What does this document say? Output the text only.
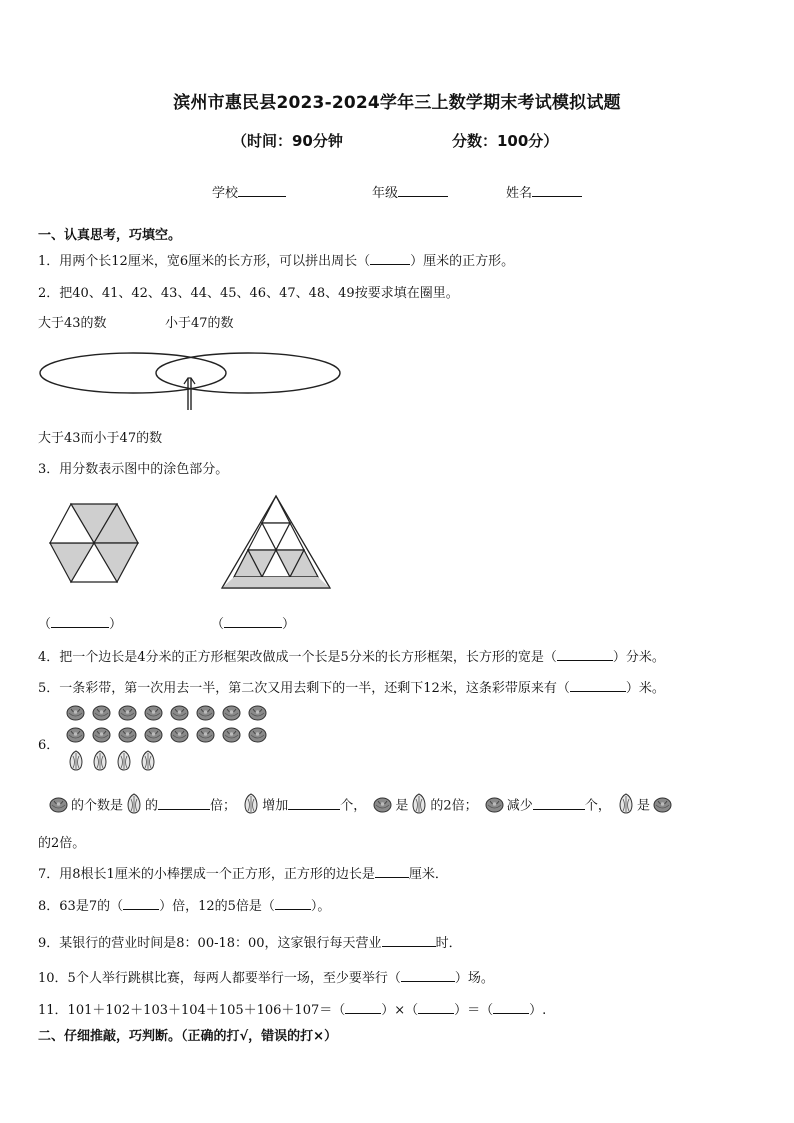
滨州市惠民县2023-2024学年三上数学期末考试模拟试题
（时间：90分钟	分数：100分）
学校	年级	姓名
一、认真思考，巧填空。
1．用两个长12厘米，宽6厘米的长方形，可以拼出周长（	）厘米的正方形。
2．把40、41、42、43、44、45、46、47、48、49按要求填在圈里。
大于43的数	小于47的数
大于43而小于47的数
3．用分数表示图中的涂色部分。
（	）	（	）
4．把一个边长是4分米的正方形框架改做成一个长是5分米的长方形框架，长方形的宽是（	）分米。
5．一条彩带，第一次用去一半，第二次又用去剩下的一半，还剩下12米，这条彩带原来有（	）米。
6．
的个数是 的	倍； 增加	个， 是 的2倍； 减少	个， 是
的2倍。
7．用8根长1厘米的小棒摆成一个正方形，正方形的边长是	厘米．
8．63是7的（	）倍，12的5倍是（	）。
9．某银行的营业时间是8：00-18：00，这家银行每天营业	时．
10．5个人举行跳棋比赛，每两人都要举行一场，至少要举行（	）场。
11．101＋102＋103＋104＋105＋106＋107＝（	）×（	）＝（	）.
二、仔细推敲，巧判断。（正确的打√，错误的打×）
